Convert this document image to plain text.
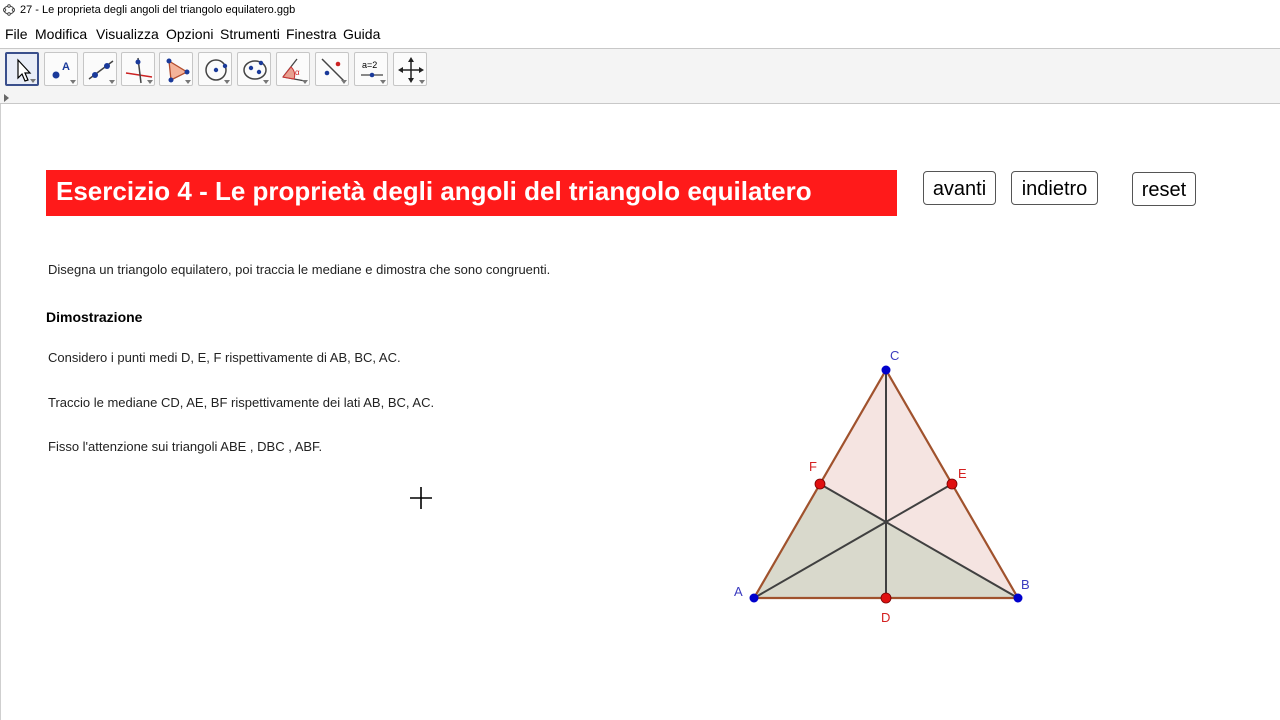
27 - Le proprieta degli angoli del triangolo equilatero.ggb
File Modifica Visualizza Opzioni Strumenti Finestra Guida
A	α
a=2
Esercizio 4 - Le proprietà degli angoli del triangolo equilatero	avanti	indietro	reset
Disegna un triangolo equilatero, poi traccia le mediane e dimostra che sono congruenti.
Dimostrazione
Considero i punti medi D, E, F rispettivamente di AB, BC, AC.
Traccio le mediane CD, AE, BF rispettivamente dei lati AB, BC, AC.
Fisso l'attenzione sui triangoli ABE , DBC , ABF.
A	B
C
D
E
F
